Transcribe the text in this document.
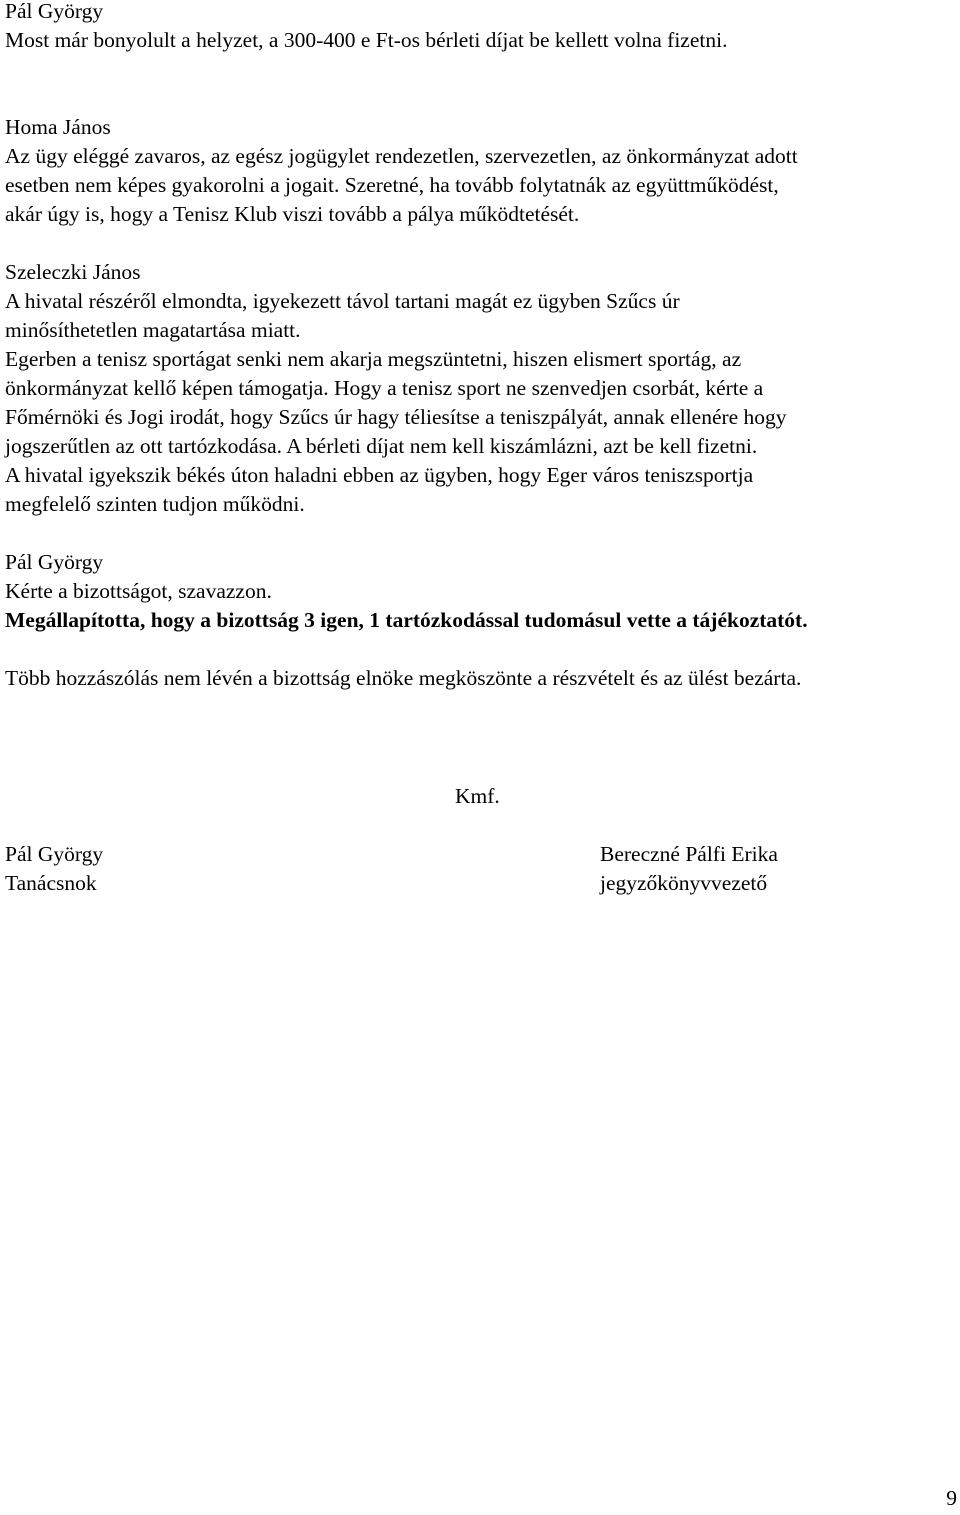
Pál György

Most már bonyolult a helyzet, a 300-400 e Ft-os bérleti díjat be kellett volna fizetni.

Homa János

Az ügy eléggé zavaros, az egész jogügylet rendezetlen, szervezetlen, az önkormányzat adott

esetben nem képes gyakorolni a jogait. Szeretné, ha tovább folytatnák az együttműködést,

akár úgy is, hogy a Tenisz Klub viszi tovább a pálya működtetését.

Szeleczki János

A hivatal részéről elmondta, igyekezett távol tartani magát ez ügyben Szűcs úr

minősíthetetlen magatartása miatt.

Egerben a tenisz sportágat senki nem akarja megszüntetni, hiszen elismert sportág, az

önkormányzat kellő képen támogatja. Hogy a tenisz sport ne szenvedjen csorbát, kérte a

Főmérnöki és Jogi irodát, hogy Szűcs úr hagy téliesítse a teniszpályát, annak ellenére hogy

jogszerűtlen az ott tartózkodása. A bérleti díjat nem kell kiszámlázni, azt be kell fizetni.

A hivatal igyekszik békés úton haladni ebben az ügyben, hogy Eger város teniszsportja

megfelelő szinten tudjon működni.

Pál György

Kérte a bizottságot, szavazzon.

Megállapította, hogy a bizottság 3 igen, 1 tartózkodással tudomásul vette a tájékoztatót.

Több hozzászólás nem lévén a bizottság elnöke megköszönte a részvételt és az ülést bezárta.

Kmf.

Pál György

Tanácsnok

Bereczné Pálfi Erika

jegyzőkönyvvezető

9
